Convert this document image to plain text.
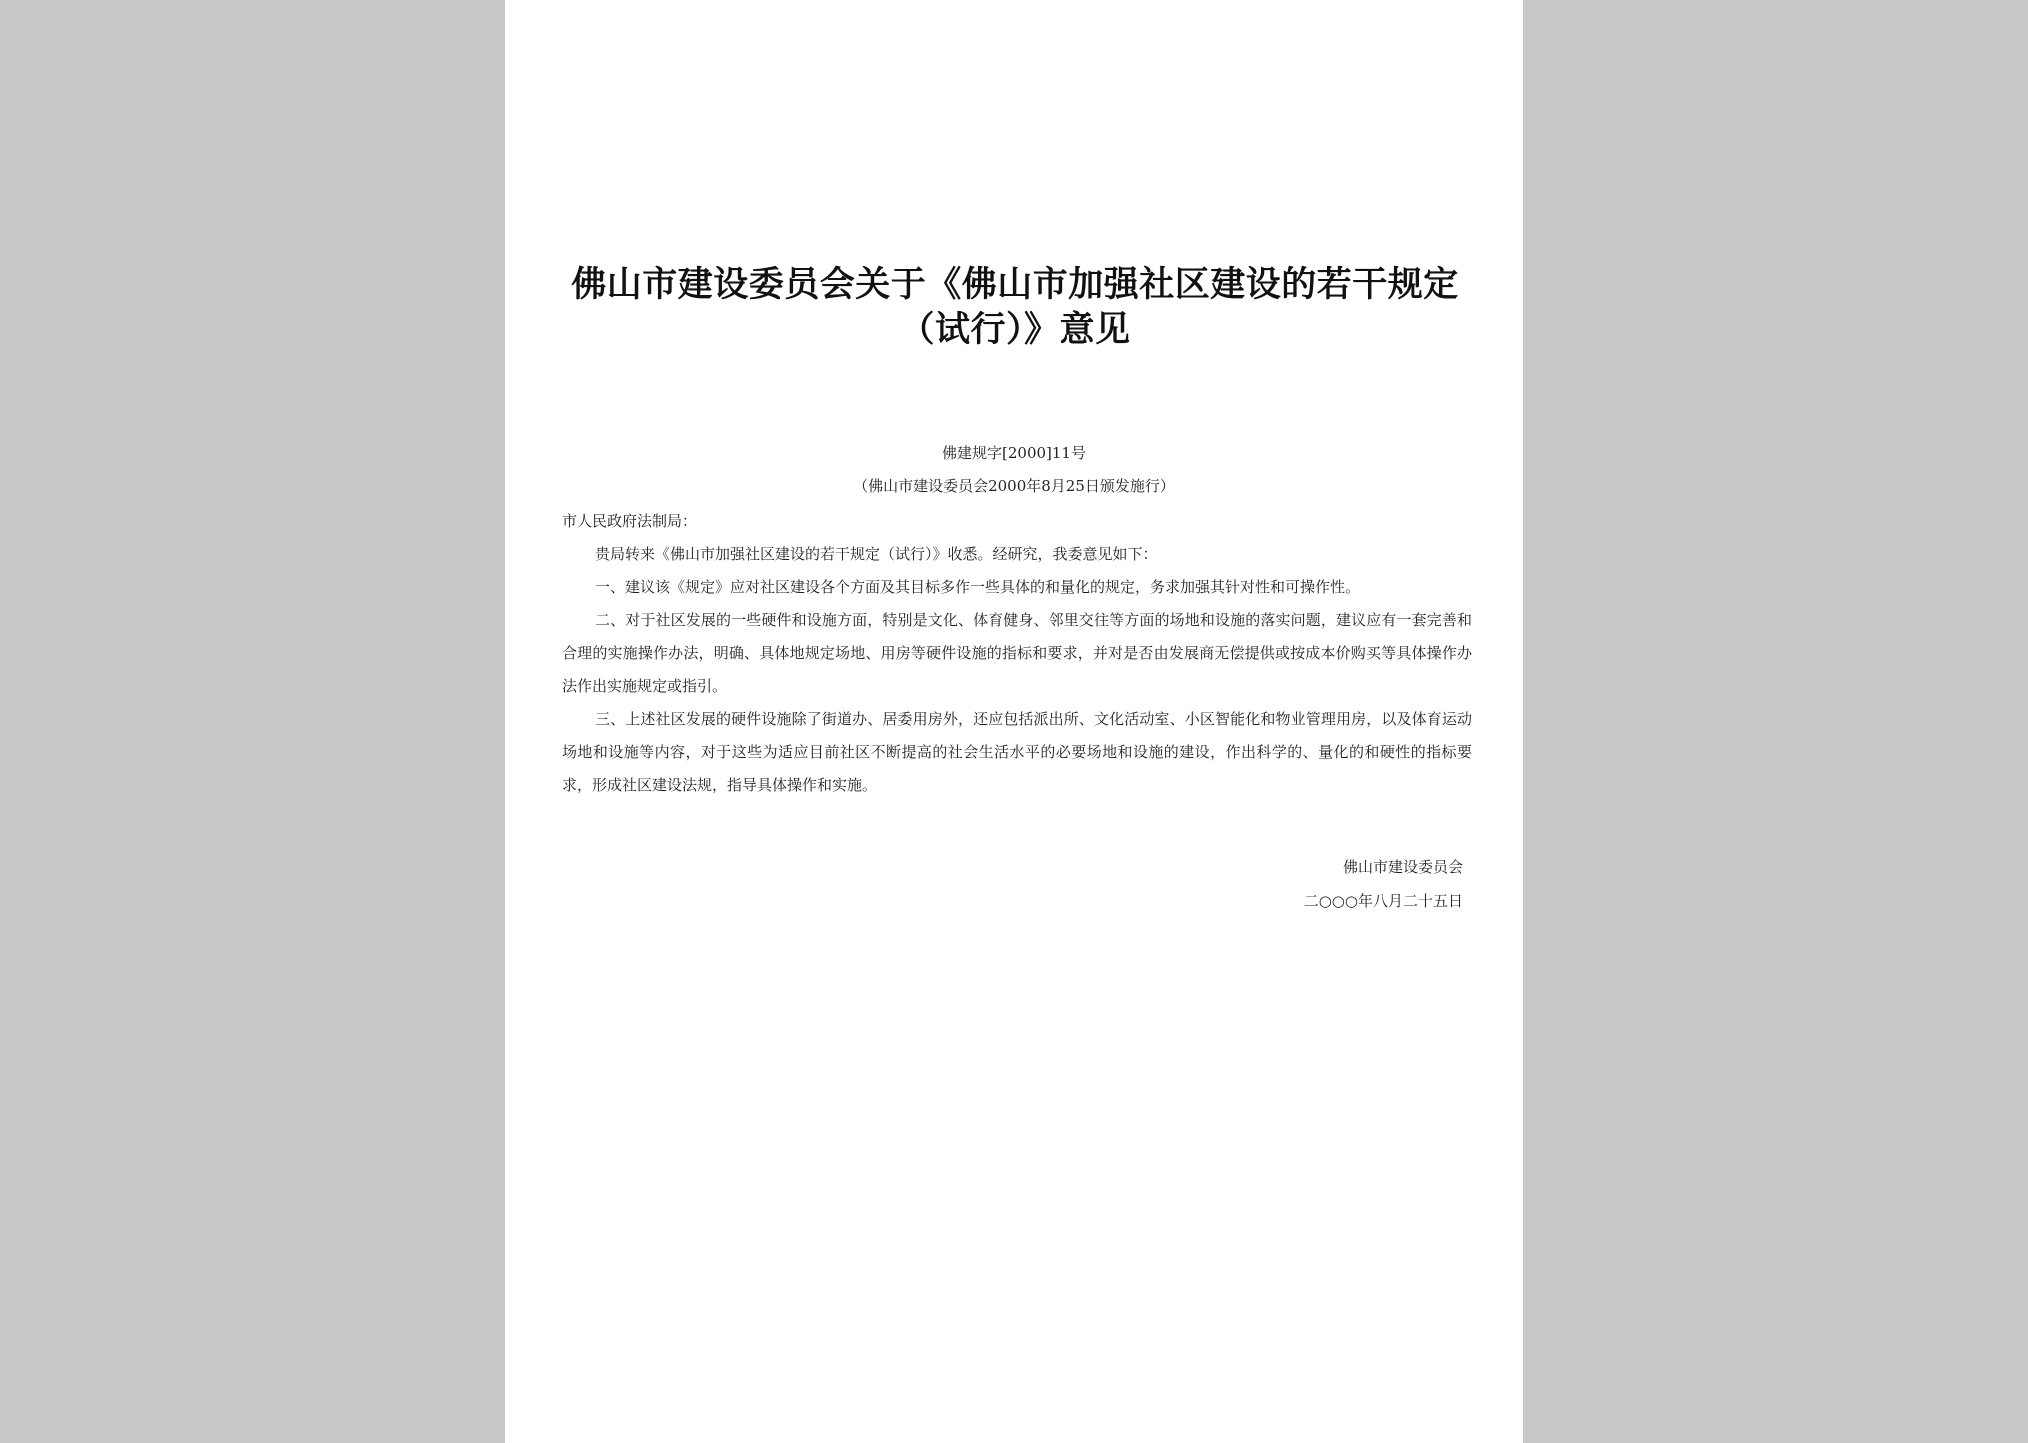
佛山市建设委员会关于《佛山市加强社区建设的若干规定（试行）》意见
佛建规字[2000]11号
（佛山市建设委员会2000年8月25日颁发施行）

市人民政府法制局：

贵局转来《佛山市加强社区建设的若干规定（试行）》收悉。经研究，我委意见如下：

一、建议该《规定》应对社区建设各个方面及其目标多作一些具体的和量化的规定，务求加强其针对性和可操作性。

二、对于社区发展的一些硬件和设施方面，特别是文化、体育健身、邻里交往等方面的场地和设施的落实问题，建议应有一套完善和合理的实施操作办法，明确、具体地规定场地、用房等硬件设施的指标和要求，并对是否由发展商无偿提供或按成本价购买等具体操作办法作出实施规定或指引。

三、上述社区发展的硬件设施除了街道办、居委用房外，还应包括派出所、文化活动室、小区智能化和物业管理用房，以及体育运动场地和设施等内容，对于这些为适应目前社区不断提高的社会生活水平的必要场地和设施的建设，作出科学的、量化的和硬性的指标要求，形成社区建设法规，指导具体操作和实施。

佛山市建设委员会
二○○○年八月二十五日
